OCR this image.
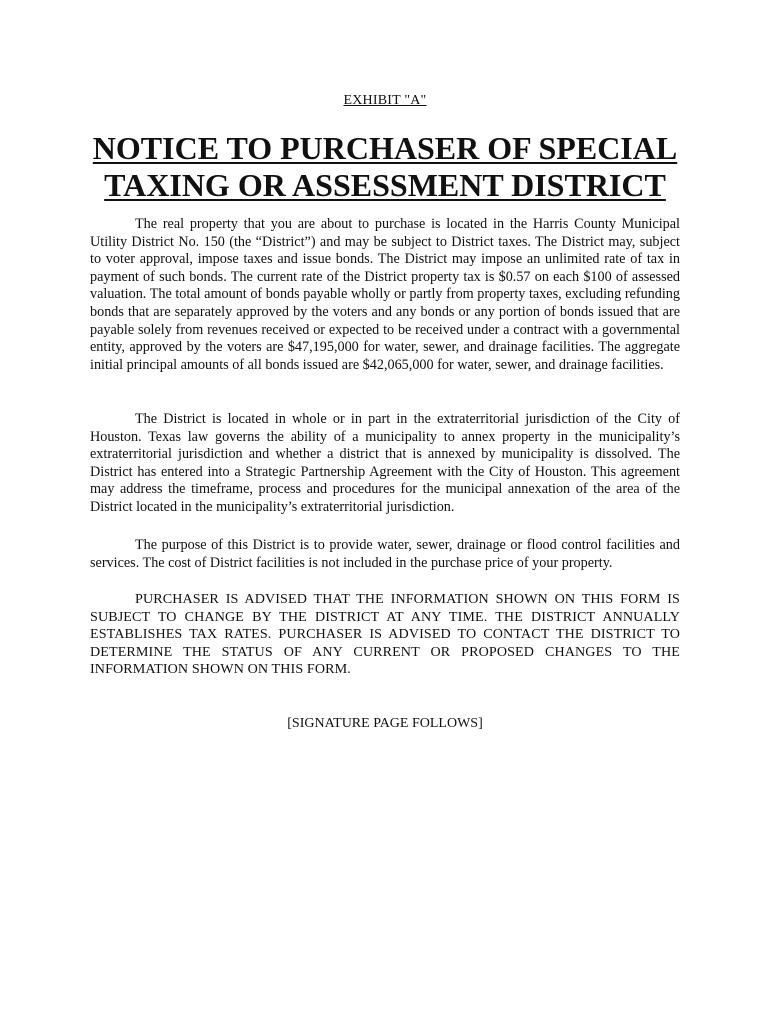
EXHIBIT "A"
NOTICE TO PURCHASER OF SPECIAL TAXING OR ASSESSMENT DISTRICT
The real property that you are about to purchase is located in the Harris County Municipal Utility District No. 150 (the “District”) and may be subject to District taxes. The District may, subject to voter approval, impose taxes and issue bonds. The District may impose an unlimited rate of tax in payment of such bonds. The current rate of the District property tax is $0.57 on each $100 of assessed valuation. The total amount of bonds payable wholly or partly from property taxes, excluding refunding bonds that are separately approved by the voters and any bonds or any portion of bonds issued that are payable solely from revenues received or expected to be received under a contract with a governmental entity, approved by the voters are $47,195,000 for water, sewer, and drainage facilities. The aggregate initial principal amounts of all bonds issued are $42,065,000 for water, sewer, and drainage facilities.
The District is located in whole or in part in the extraterritorial jurisdiction of the City of Houston. Texas law governs the ability of a municipality to annex property in the municipality’s extraterritorial jurisdiction and whether a district that is annexed by municipality is dissolved. The District has entered into a Strategic Partnership Agreement with the City of Houston. This agreement may address the timeframe, process and procedures for the municipal annexation of the area of the District located in the municipality’s extraterritorial jurisdiction.
The purpose of this District is to provide water, sewer, drainage or flood control facilities and services. The cost of District facilities is not included in the purchase price of your property.
PURCHASER IS ADVISED THAT THE INFORMATION SHOWN ON THIS FORM IS SUBJECT TO CHANGE BY THE DISTRICT AT ANY TIME. THE DISTRICT ANNUALLY ESTABLISHES TAX RATES. PURCHASER IS ADVISED TO CONTACT THE DISTRICT TO DETERMINE THE STATUS OF ANY CURRENT OR PROPOSED CHANGES TO THE INFORMATION SHOWN ON THIS FORM.
[SIGNATURE PAGE FOLLOWS]
